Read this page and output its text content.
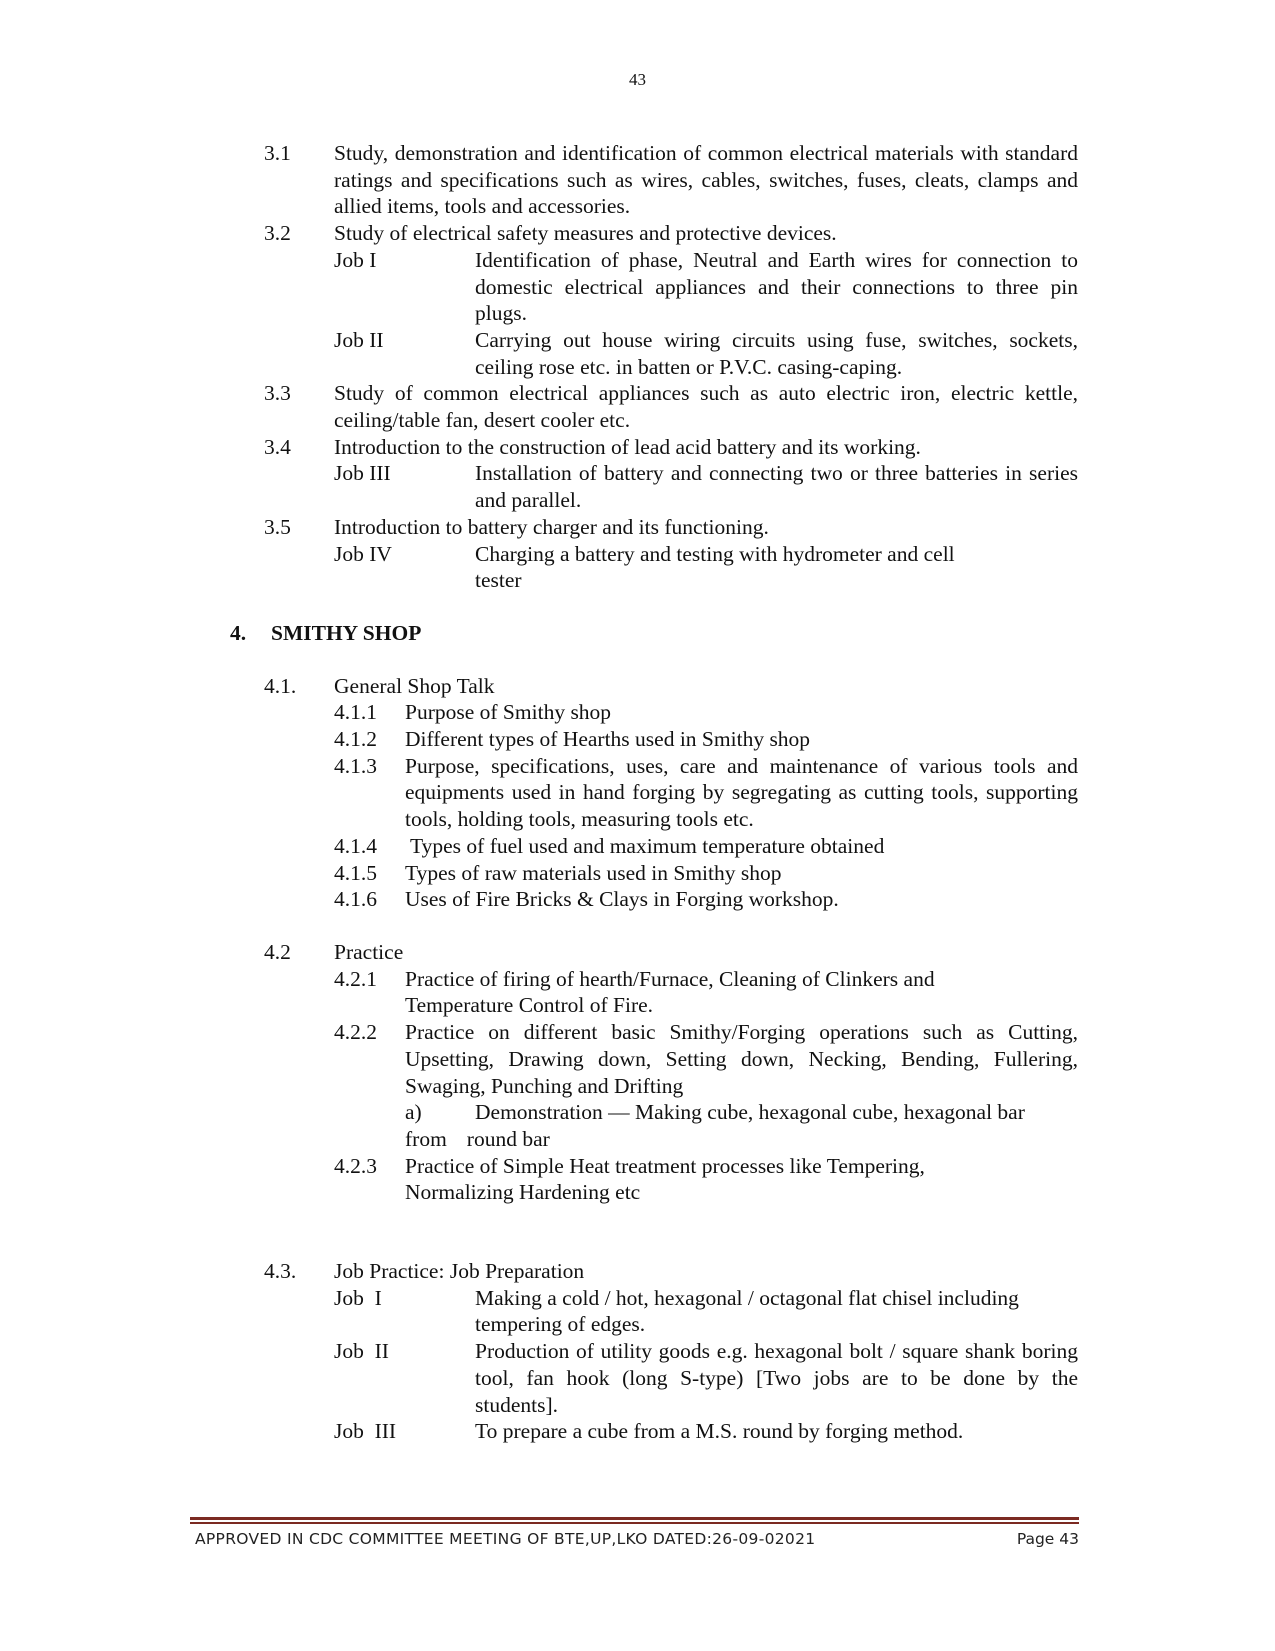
43
3.1 Study, demonstration and identification of common electrical materials with standard ratings and specifications such as wires, cables, switches, fuses, cleats, clamps and allied items, tools and accessories.
3.2 Study of electrical safety measures and protective devices.
Job I	Identification of phase, Neutral and Earth wires for connection to domestic electrical appliances and their connections to three pin plugs.
Job II	Carrying out house wiring circuits using fuse, switches, sockets, ceiling rose etc. in batten or P.V.C. casing-caping.
3.3 Study of common electrical appliances such as auto electric iron, electric kettle, ceiling/table fan, desert cooler etc.
3.4 Introduction to the construction of lead acid battery and its working.
Job III	Installation of battery and connecting two or three batteries in series and parallel.
3.5 Introduction to battery charger and its functioning.
Job IV	Charging a battery and testing with hydrometer and cell
tester
4. SMITHY SHOP
4.1. General Shop Talk
4.1.1 Purpose of Smithy shop
4.1.2 Different types of Hearths used in Smithy shop
4.1.3 Purpose, specifications, uses, care and maintenance of various tools and equipments used in hand forging by segregating as cutting tools, supporting tools, holding tools, measuring tools etc.
4.1.4 Types of fuel used and maximum temperature obtained
4.1.5 Types of raw materials used in Smithy shop
4.1.6 Uses of Fire Bricks & Clays in Forging workshop.
4.2 Practice
4.2.1 Practice of firing of hearth/Furnace, Cleaning of Clinkers and
Temperature Control of Fire.
4.2.2 Practice on different basic Smithy/Forging operations such as Cutting, Upsetting, Drawing down, Setting down, Necking, Bending, Fullering, Swaging, Punching and Drifting
a) Demonstration — Making cube, hexagonal cube, hexagonal bar
from round bar
4.2.3 Practice of Simple Heat treatment processes like Tempering,
Normalizing Hardening etc
4.3. Job Practice: Job Preparation
Job  I	Making a cold / hot, hexagonal / octagonal flat chisel including
tempering of edges.
Job  II	Production of utility goods e.g. hexagonal bolt / square shank boring tool, fan hook (long S-type) [Two jobs are to be done by the students].
Job  III	To prepare a cube from a M.S. round by forging method.
APPROVED IN CDC COMMITTEE MEETING OF BTE,UP,LKO DATED:26-09-02021	Page 43
